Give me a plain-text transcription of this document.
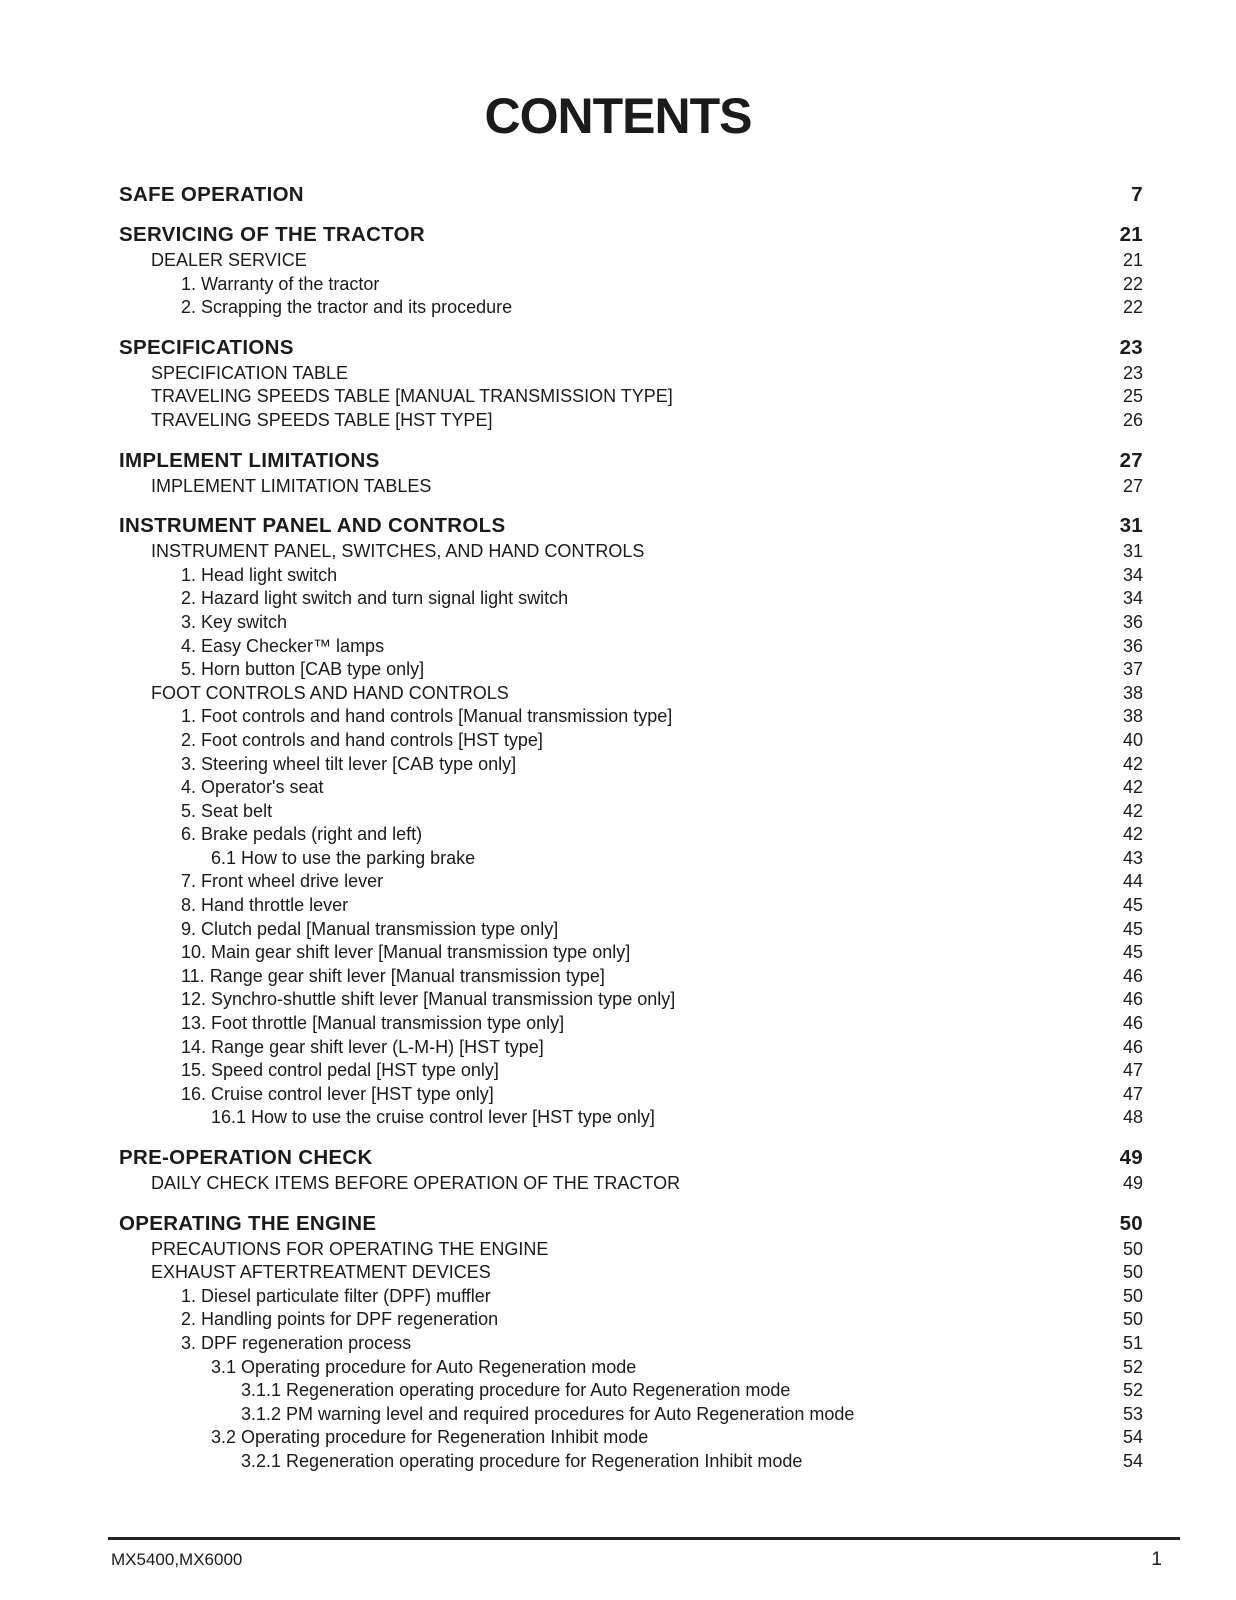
CONTENTS
SAFE OPERATION	7
SERVICING OF THE TRACTOR	21
DEALER SERVICE	21
1. Warranty of the tractor	22
2. Scrapping the tractor and its procedure	22
SPECIFICATIONS	23
SPECIFICATION TABLE	23
TRAVELING SPEEDS TABLE [MANUAL TRANSMISSION TYPE]	25
TRAVELING SPEEDS TABLE [HST TYPE]	26
IMPLEMENT LIMITATIONS	27
IMPLEMENT LIMITATION TABLES	27
INSTRUMENT PANEL AND CONTROLS	31
INSTRUMENT PANEL, SWITCHES, AND HAND CONTROLS	31
1. Head light switch	34
2. Hazard light switch and turn signal light switch	34
3. Key switch	36
4. Easy Checker™ lamps	36
5. Horn button [CAB type only]	37
FOOT CONTROLS AND HAND CONTROLS	38
1. Foot controls and hand controls [Manual transmission type]	38
2. Foot controls and hand controls [HST type]	40
3. Steering wheel tilt lever [CAB type only]	42
4. Operator's seat	42
5. Seat belt	42
6. Brake pedals (right and left)	42
6.1 How to use the parking brake	43
7. Front wheel drive lever	44
8. Hand throttle lever	45
9. Clutch pedal [Manual transmission type only]	45
10. Main gear shift lever [Manual transmission type only]	45
11. Range gear shift lever [Manual transmission type]	46
12. Synchro-shuttle shift lever [Manual transmission type only]	46
13. Foot throttle [Manual transmission type only]	46
14. Range gear shift lever (L-M-H) [HST type]	46
15. Speed control pedal [HST type only]	47
16. Cruise control lever [HST type only]	47
16.1 How to use the cruise control lever [HST type only]	48
PRE-OPERATION CHECK	49
DAILY CHECK ITEMS BEFORE OPERATION OF THE TRACTOR	49
OPERATING THE ENGINE	50
PRECAUTIONS FOR OPERATING THE ENGINE	50
EXHAUST AFTERTREATMENT DEVICES	50
1. Diesel particulate filter (DPF) muffler	50
2. Handling points for DPF regeneration	50
3. DPF regeneration process	51
3.1 Operating procedure for Auto Regeneration mode	52
3.1.1 Regeneration operating procedure for Auto Regeneration mode	52
3.1.2 PM warning level and required procedures for Auto Regeneration mode	53
3.2 Operating procedure for Regeneration Inhibit mode	54
3.2.1 Regeneration operating procedure for Regeneration Inhibit mode	54
MX5400,MX6000	1
